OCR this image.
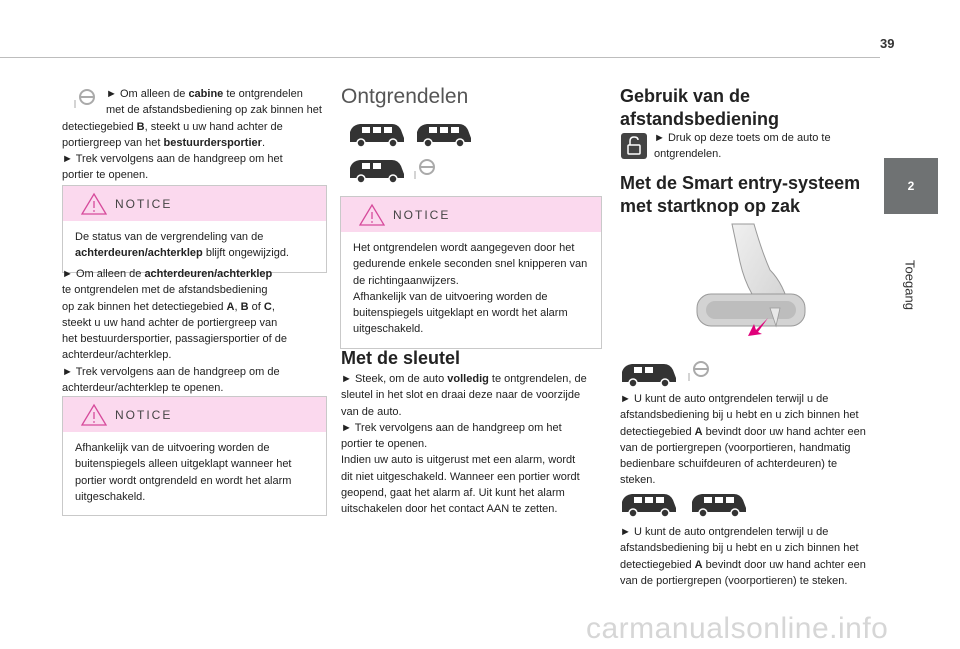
39
2
Toegang

► Om alleen de cabine te ontgrendelen

met de afstandsbediening op zak binnen het

detectiegebied B, steekt u uw hand achter de

portiergreep van het bestuurdersportier.

► Trek vervolgens aan de handgreep om het

portier te openen.

NOTICE

De status van de vergrendeling van de

achterdeuren/achterklep blijft ongewijzigd.

► Om alleen de achterdeuren/achterklep

te ontgrendelen met de afstandsbediening

op zak binnen het detectiegebied A, B of C,

steekt u uw hand achter de portiergreep van

het bestuurdersportier, passagiersportier of de

achterdeur/achterklep.

► Trek vervolgens aan de handgreep om de

achterdeur/achterklep te openen.

NOTICE

Afhankelijk van de uitvoering worden de

buitenspiegels alleen uitgeklapt wanneer het

portier wordt ontgrendeld en wordt het alarm

uitgeschakeld.

Ontgrendelen
NOTICE

Het ontgrendelen wordt aangegeven door het

gedurende enkele seconden snel knipperen van

de richtingaanwijzers.

Afhankelijk van de uitvoering worden de

buitenspiegels uitgeklapt en wordt het alarm

uitgeschakeld.

Met de sleutel

► Steek, om de auto volledig te ontgrendelen, de

sleutel in het slot en draai deze naar de voorzijde

van de auto.

► Trek vervolgens aan de handgreep om het

portier te openen.

Indien uw auto is uitgerust met een alarm, wordt

dit niet uitgeschakeld. Wanneer een portier wordt

geopend, gaat het alarm af. Uit kunt het alarm

uitschakelen door het contact AAN te zetten.

Gebruik van de
afstandsbediening

► Druk op deze toets om de auto te

ontgrendelen.

Met de Smart entry-systeem
met startknop op zak

► U kunt de auto ontgrendelen terwijl u de

afstandsbediening bij u hebt en u zich binnen het

detectiegebied A bevindt door uw hand achter een

van de portiergrepen (voorportieren, handmatig

bedienbare schuifdeuren of achterdeuren) te

steken.

► U kunt de auto ontgrendelen terwijl u de

afstandsbediening bij u hebt en u zich binnen het

detectiegebied A bevindt door uw hand achter een

van de portiergrepen (voorportieren) te steken.

carmanualsonline.info
